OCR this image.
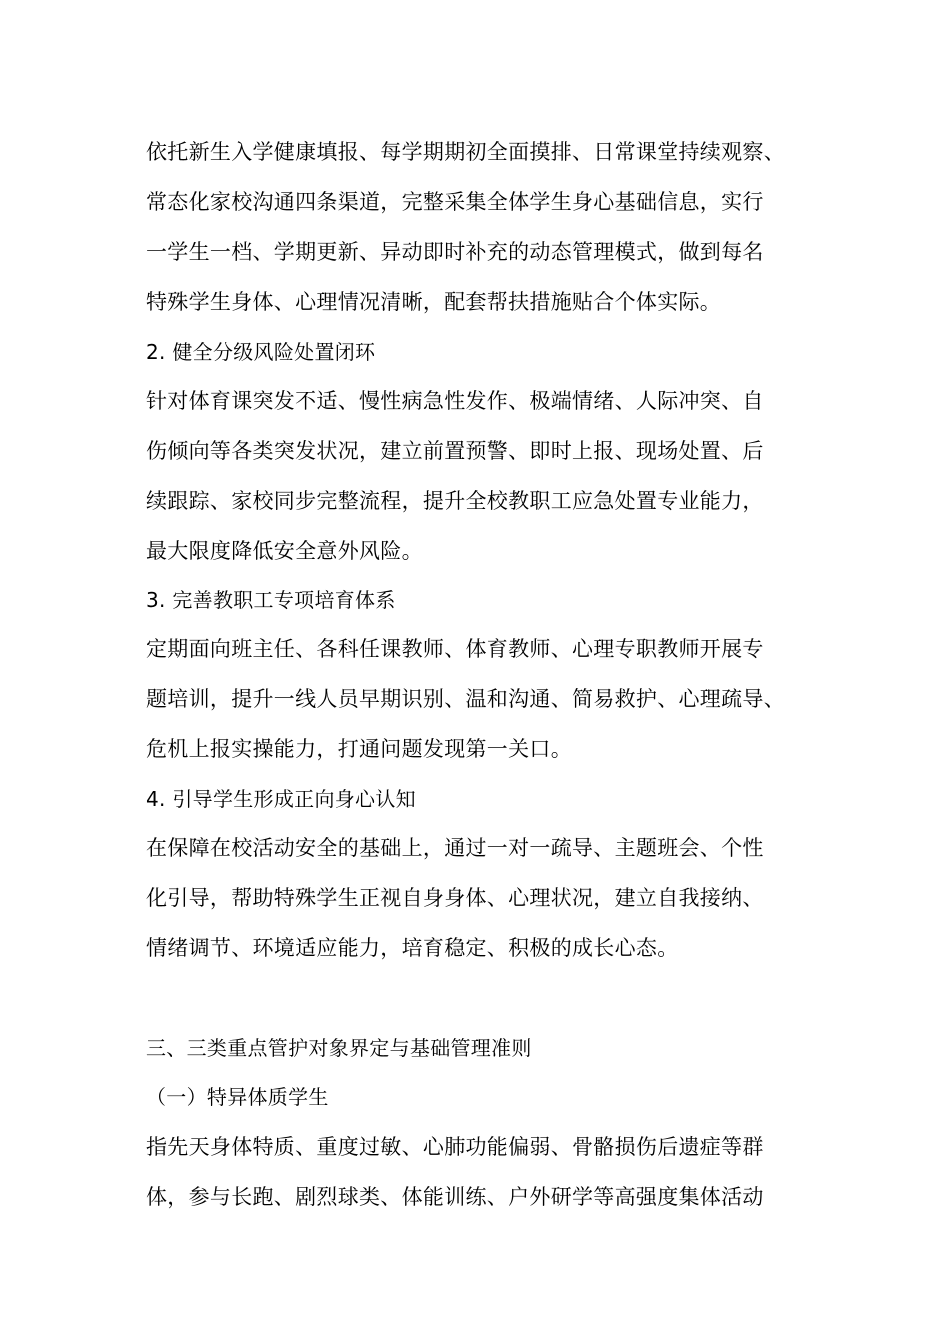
依托新生入学健康填报、每学期期初全面摸排、日常课堂持续观察、
常态化家校沟通四条渠道，完整采集全体学生身心基础信息，实行
一学生一档、学期更新、异动即时补充的动态管理模式，做到每名
特殊学生身体、心理情况清晰，配套帮扶措施贴合个体实际。
2. 健全分级风险处置闭环
针对体育课突发不适、慢性病急性发作、极端情绪、人际冲突、自
伤倾向等各类突发状况，建立前置预警、即时上报、现场处置、后
续跟踪、家校同步完整流程，提升全校教职工应急处置专业能力，
最大限度降低安全意外风险。
3. 完善教职工专项培育体系
定期面向班主任、各科任课教师、体育教师、心理专职教师开展专
题培训，提升一线人员早期识别、温和沟通、简易救护、心理疏导、
危机上报实操能力，打通问题发现第一关口。
4. 引导学生形成正向身心认知
在保障在校活动安全的基础上，通过一对一疏导、主题班会、个性
化引导，帮助特殊学生正视自身身体、心理状况，建立自我接纳、
情绪调节、环境适应能力，培育稳定、积极的成长心态。
三、三类重点管护对象界定与基础管理准则
（一）特异体质学生
指先天身体特质、重度过敏、心肺功能偏弱、骨骼损伤后遗症等群
体，参与长跑、剧烈球类、体能训练、户外研学等高强度集体活动
